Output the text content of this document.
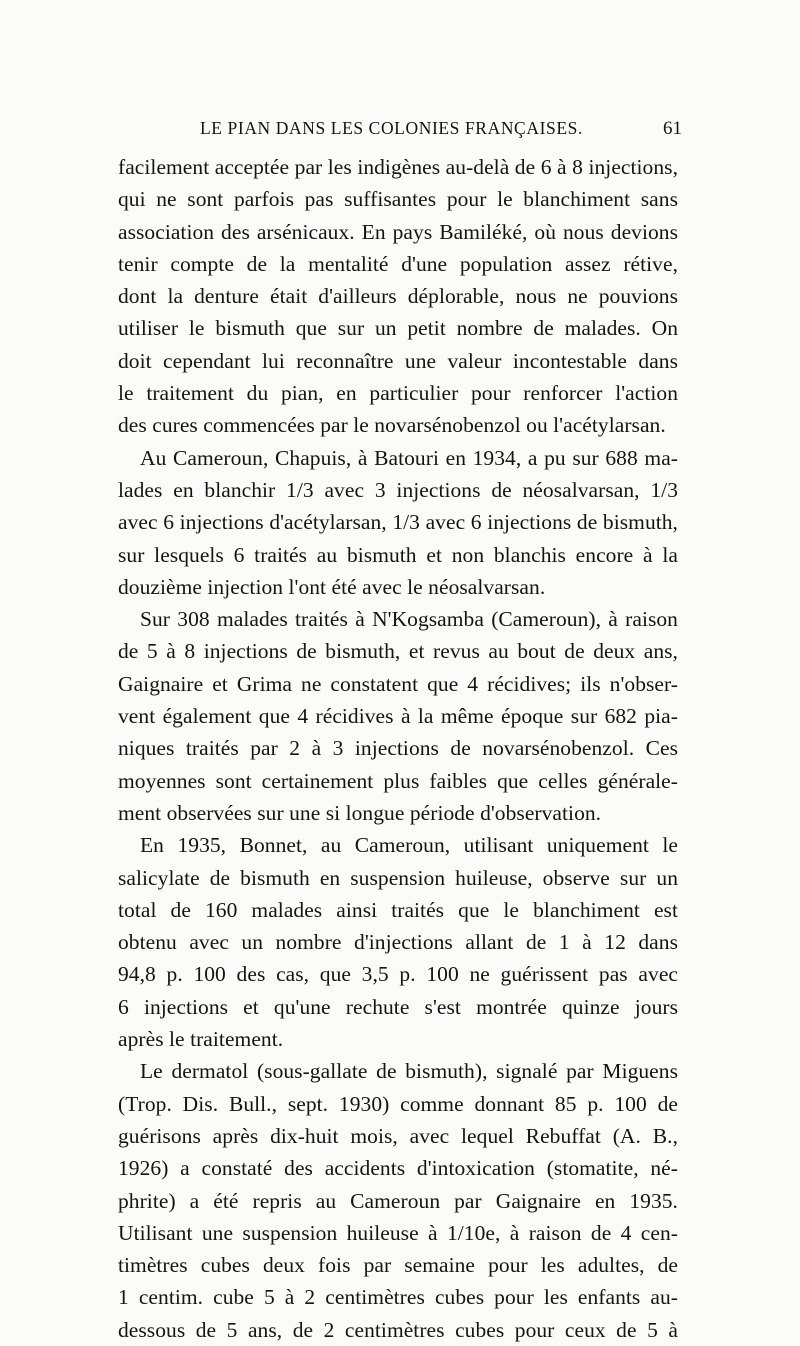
LE PIAN DANS LES COLONIES FRANÇAISES.	61
facilement acceptée par les indigènes au-delà de 6 à 8 injections,
qui ne sont parfois pas suffisantes pour le blanchiment sans
association des arsénicaux. En pays Bamiléké, où nous devions
tenir compte de la mentalité d'une population assez rétive,
dont la denture était d'ailleurs déplorable, nous ne pouvions
utiliser le bismuth que sur un petit nombre de malades. On
doit cependant lui reconnaître une valeur incontestable dans
le traitement du pian, en particulier pour renforcer l'action
des cures commencées par le novarsénobenzol ou l'acétylarsan.
Au Cameroun, Chapuis, à Batouri en 1934, a pu sur 688 ma-
lades en blanchir 1/3 avec 3 injections de néosalvarsan, 1/3
avec 6 injections d'acétylarsan, 1/3 avec 6 injections de bismuth,
sur lesquels 6 traités au bismuth et non blanchis encore à la
douzième injection l'ont été avec le néosalvarsan.
Sur 308 malades traités à N'Kogsamba (Cameroun), à raison
de 5 à 8 injections de bismuth, et revus au bout de deux ans,
Gaignaire et Grima ne constatent que 4 récidives; ils n'obser-
vent également que 4 récidives à la même époque sur 682 pia-
niques traités par 2 à 3 injections de novarsénobenzol. Ces
moyennes sont certainement plus faibles que celles générale-
ment observées sur une si longue période d'observation.
En 1935, Bonnet, au Cameroun, utilisant uniquement le
salicylate de bismuth en suspension huileuse, observe sur un
total de 160 malades ainsi traités que le blanchiment est
obtenu avec un nombre d'injections allant de 1 à 12 dans
94,8 p. 100 des cas, que 3,5 p. 100 ne guérissent pas avec
6 injections et qu'une rechute s'est montrée quinze jours
après le traitement.
Le dermatol (sous-gallate de bismuth), signalé par Miguens
(Trop. Dis. Bull., sept. 1930) comme donnant 85 p. 100 de
guérisons après dix-huit mois, avec lequel Rebuffat (A. B.,
1926) a constaté des accidents d'intoxication (stomatite, né-
phrite) a été repris au Cameroun par Gaignaire en 1935.
Utilisant une suspension huileuse à 1/10e, à raison de 4 cen-
timètres cubes deux fois par semaine pour les adultes, de
1 centim. cube 5 à 2 centimètres cubes pour les enfants au-
dessous de 5 ans, de 2 centimètres cubes pour ceux de 5 à
